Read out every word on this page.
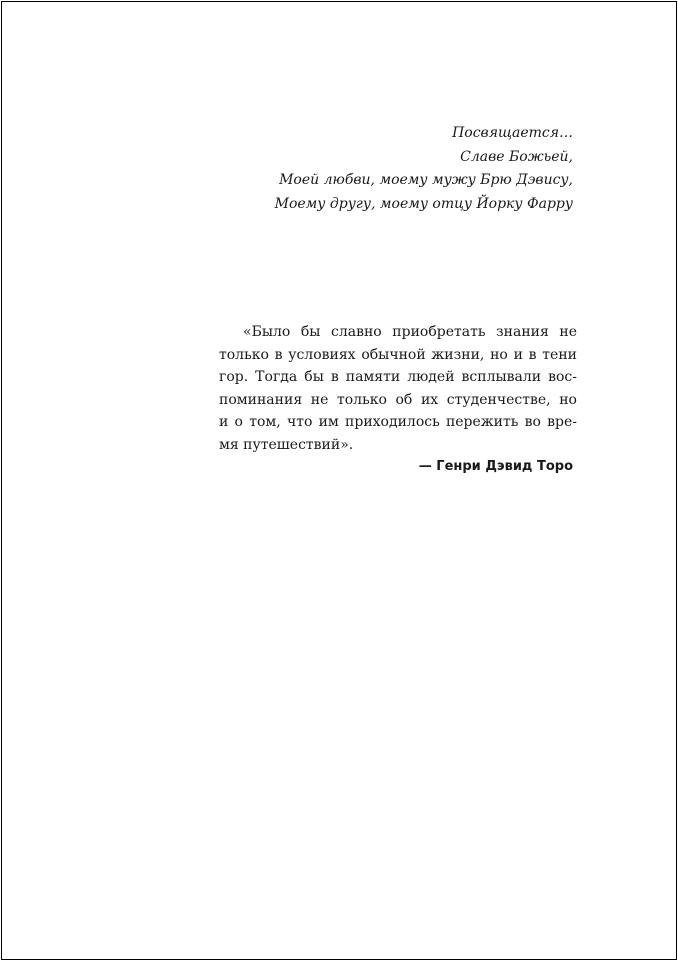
Посвящается…
Славе Божьей,
Моей любви, моему мужу Брю Дэвису,
Моему другу, моему отцу Йорку Фарру
«Было бы славно приобретать знания не
только в условиях обычной жизни, но и в тени
гор. Тогда бы в памяти людей всплывали вос-
поминания не только об их студенчестве, но
и о том, что им приходилось пережить во вре-
мя путешествий».
— Генри Дэвид Торо
